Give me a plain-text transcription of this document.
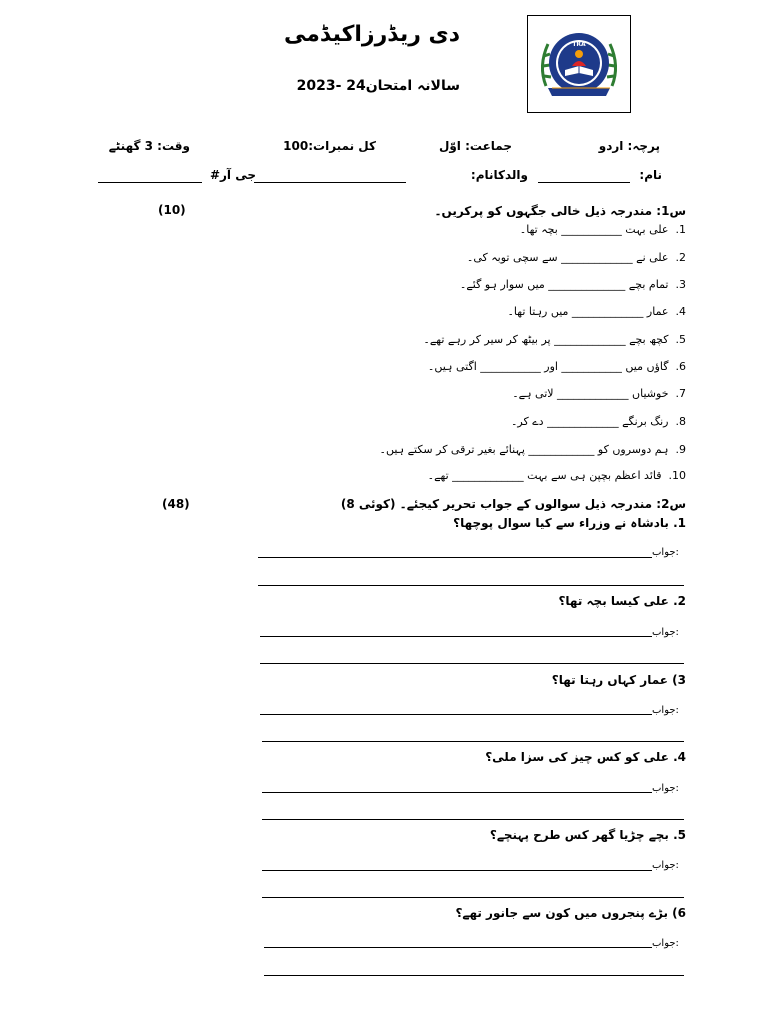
دی ریڈرزاکیڈمی
سالانہ امتحان24 -2023
TRA
پرچہ: اردو
جماعت: اوّل
کل نمبرات:100
وقت: 3 گھنٹے
نام:
والدکانام:
جی آر#
س1: مندرجہ ذیل خالی جگہوں کو پرکریں۔
(10)
1.  علی بہت ___________ بچہ تھا۔
2.  علی نے _____________ سے سچی توبہ کی۔
3.  تمام بچے ______________ میں سوار ہو گئے۔
4.  عمار _____________ میں رہتا تھا۔
5.  کچھ بچے _____________ پر بیٹھ کر سیر کر رہے تھے۔
6.  گاؤں میں ___________ اور ___________ اگتی ہیں۔
7.  خوشیاں _____________ لاتی ہے۔
8.  رنگ برنگے _____________ دے کر۔
9.  ہم دوسروں کو ____________ پہنائے بغیر ترقی کر سکتے ہیں۔
10.  قائد اعظم بچپن ہی سے بہت _____________ تھے۔
س2: مندرجہ ذیل سوالوں کے جواب تحریر کیجئے۔ (کوئی 8)
(48)
1. بادشاہ نے وزراء سے کیا سوال پوچھا؟
جواب:
2. علی کیسا بچہ تھا؟
جواب:
3) عمار کہاں رہتا تھا؟
جواب:
4. علی کو کس چیز کی سزا ملی؟
جواب:
5. بچے چڑیا گھر کس طرح پہنچے؟
جواب:
6) بڑے پنجروں میں کون سے جانور تھے؟
جواب:
